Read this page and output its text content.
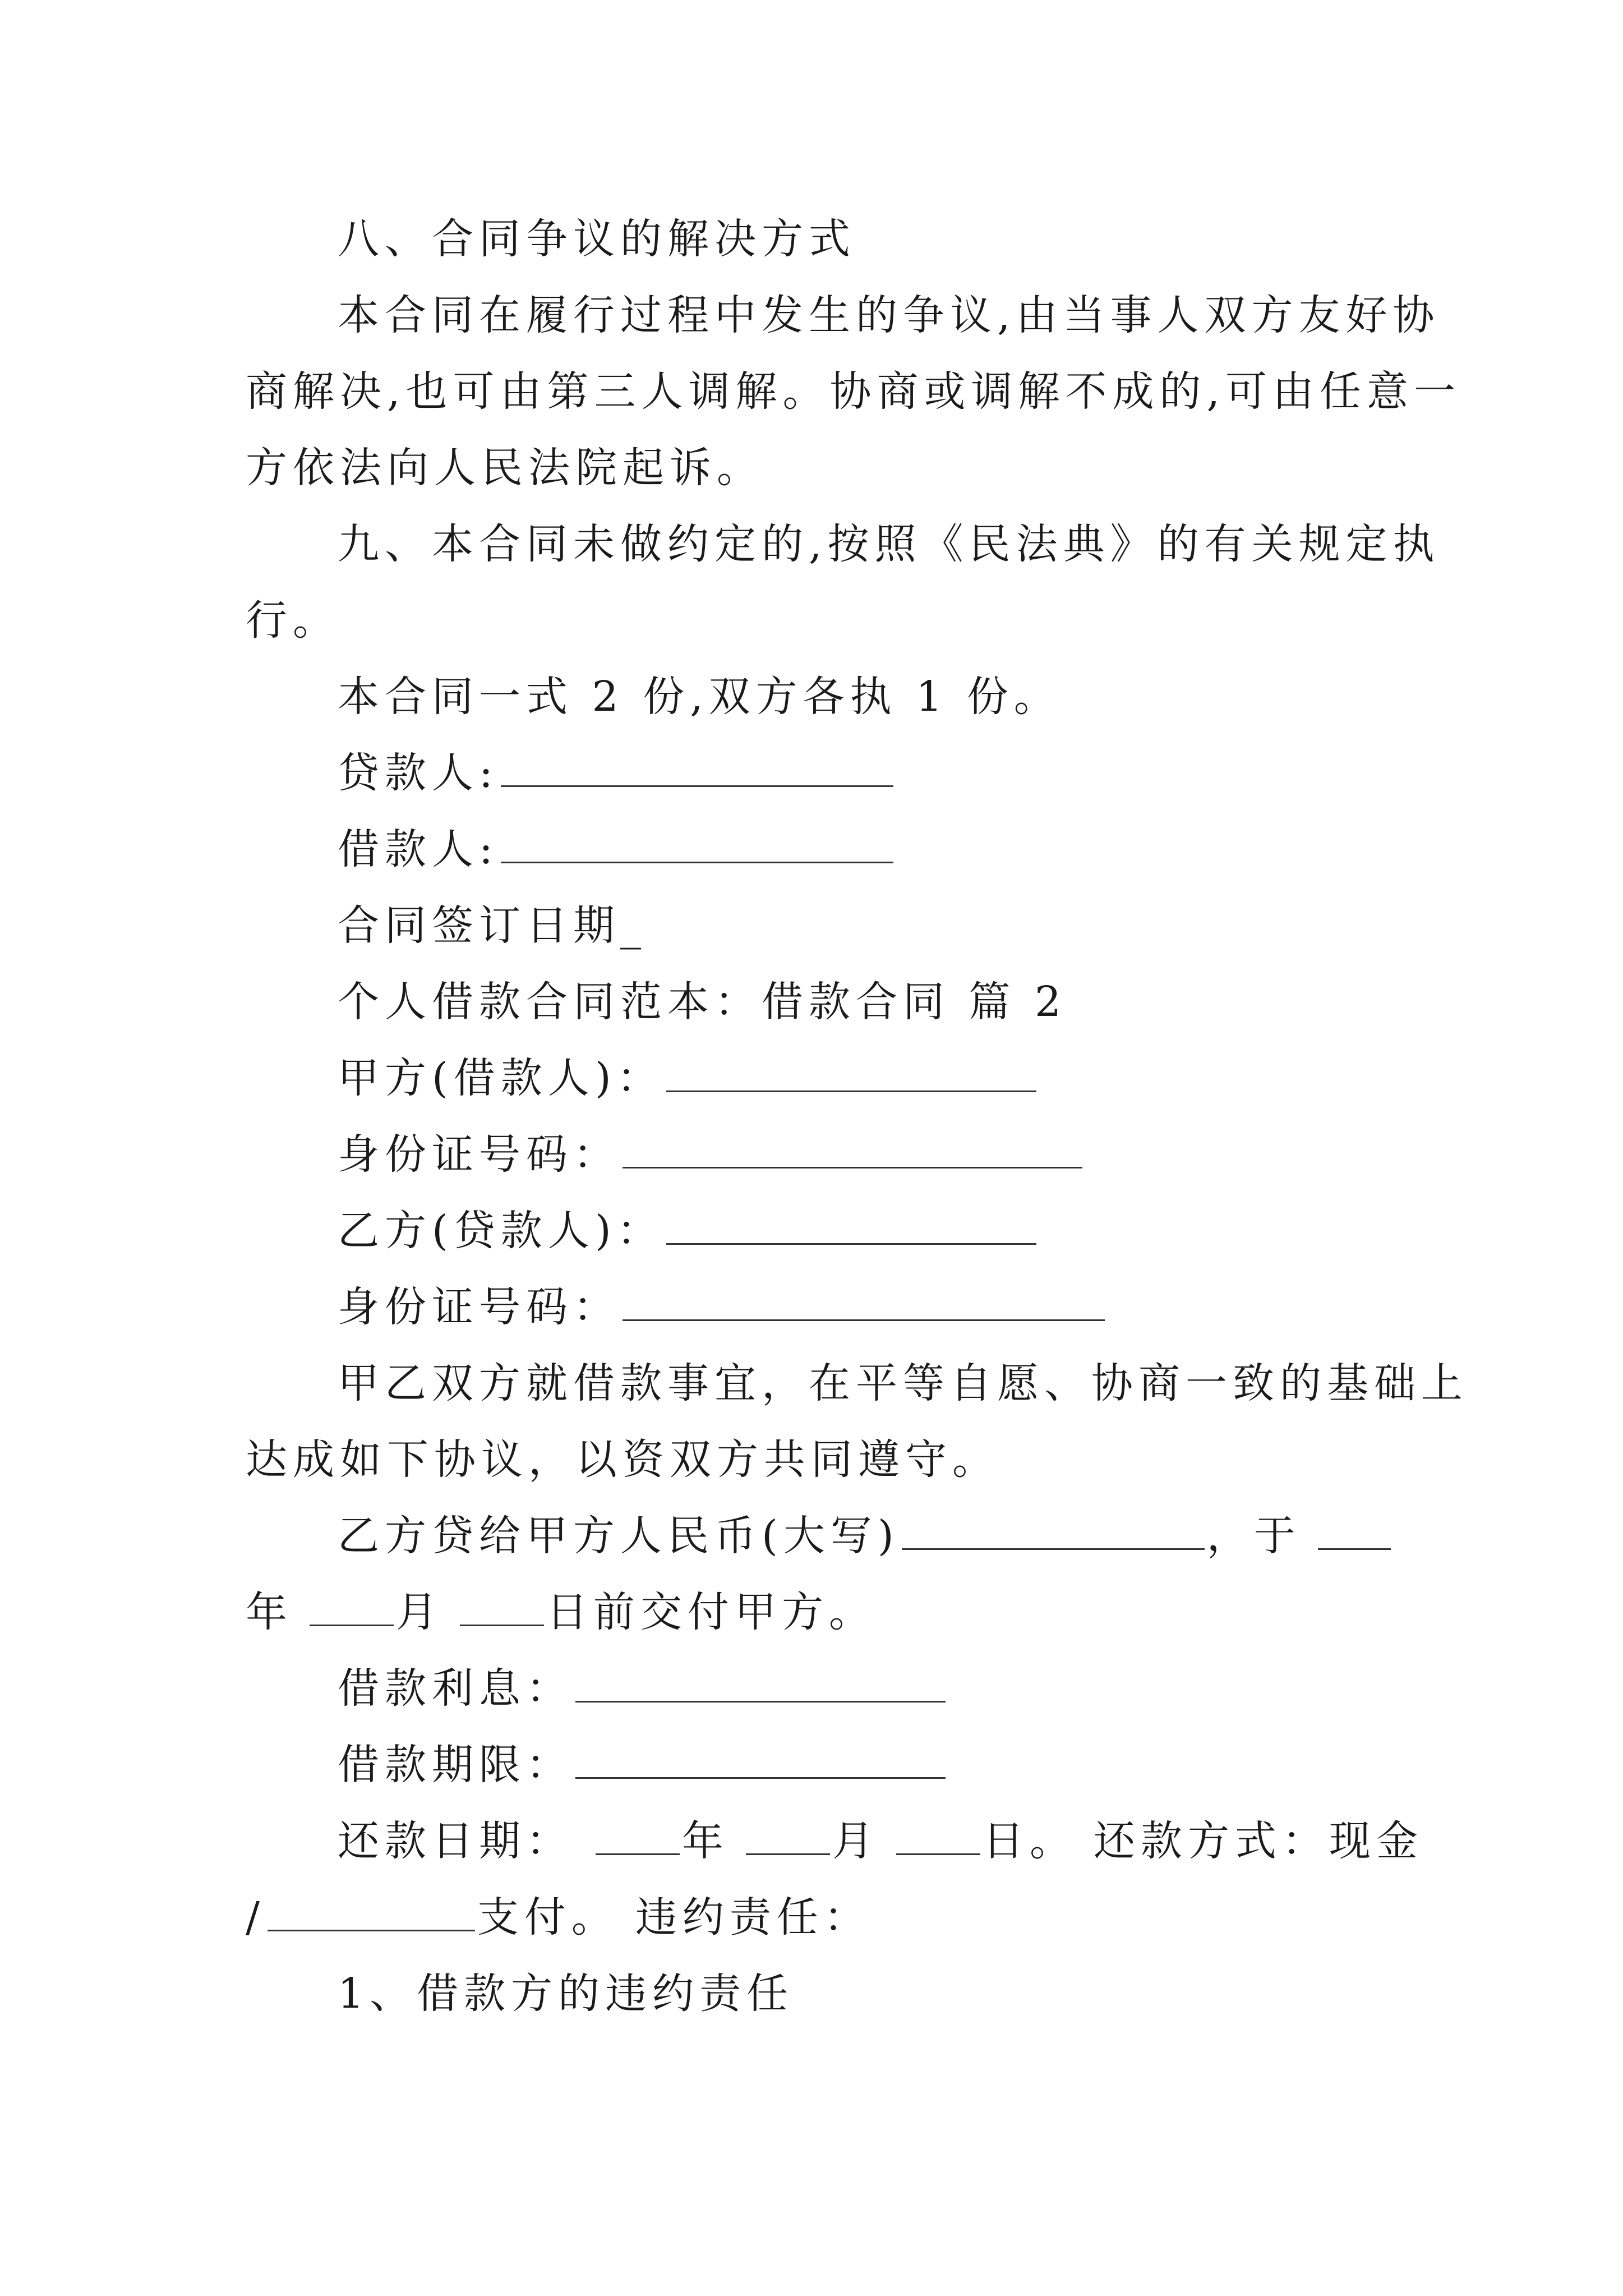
八、合同争议的解决方式
本合同在履行过程中发生的争议,由当事人双方友好协
商解决,也可由第三人调解。协商或调解不成的,可由任意一
方依法向人民法院起诉。
九、本合同未做约定的,按照《民法典》的有关规定执
行。
本合同一式 2 份,双方各执 1 份。
贷款人:
借款人:
合同签订日期_
个人借款合同范本：借款合同 篇 2
甲方(借款人)：
身份证号码：
乙方(贷款人)：
身份证号码：
甲乙双方就借款事宜，在平等自愿、协商一致的基础上
达成如下协议，以资双方共同遵守。
乙方贷给甲方人民币(大写)	，于
年 月 日前交付甲方。
借款利息：
借款期限：
还款日期：	年 月 日。 还款方式：现金
/	支付。 违约责任：
1、借款方的违约责任
